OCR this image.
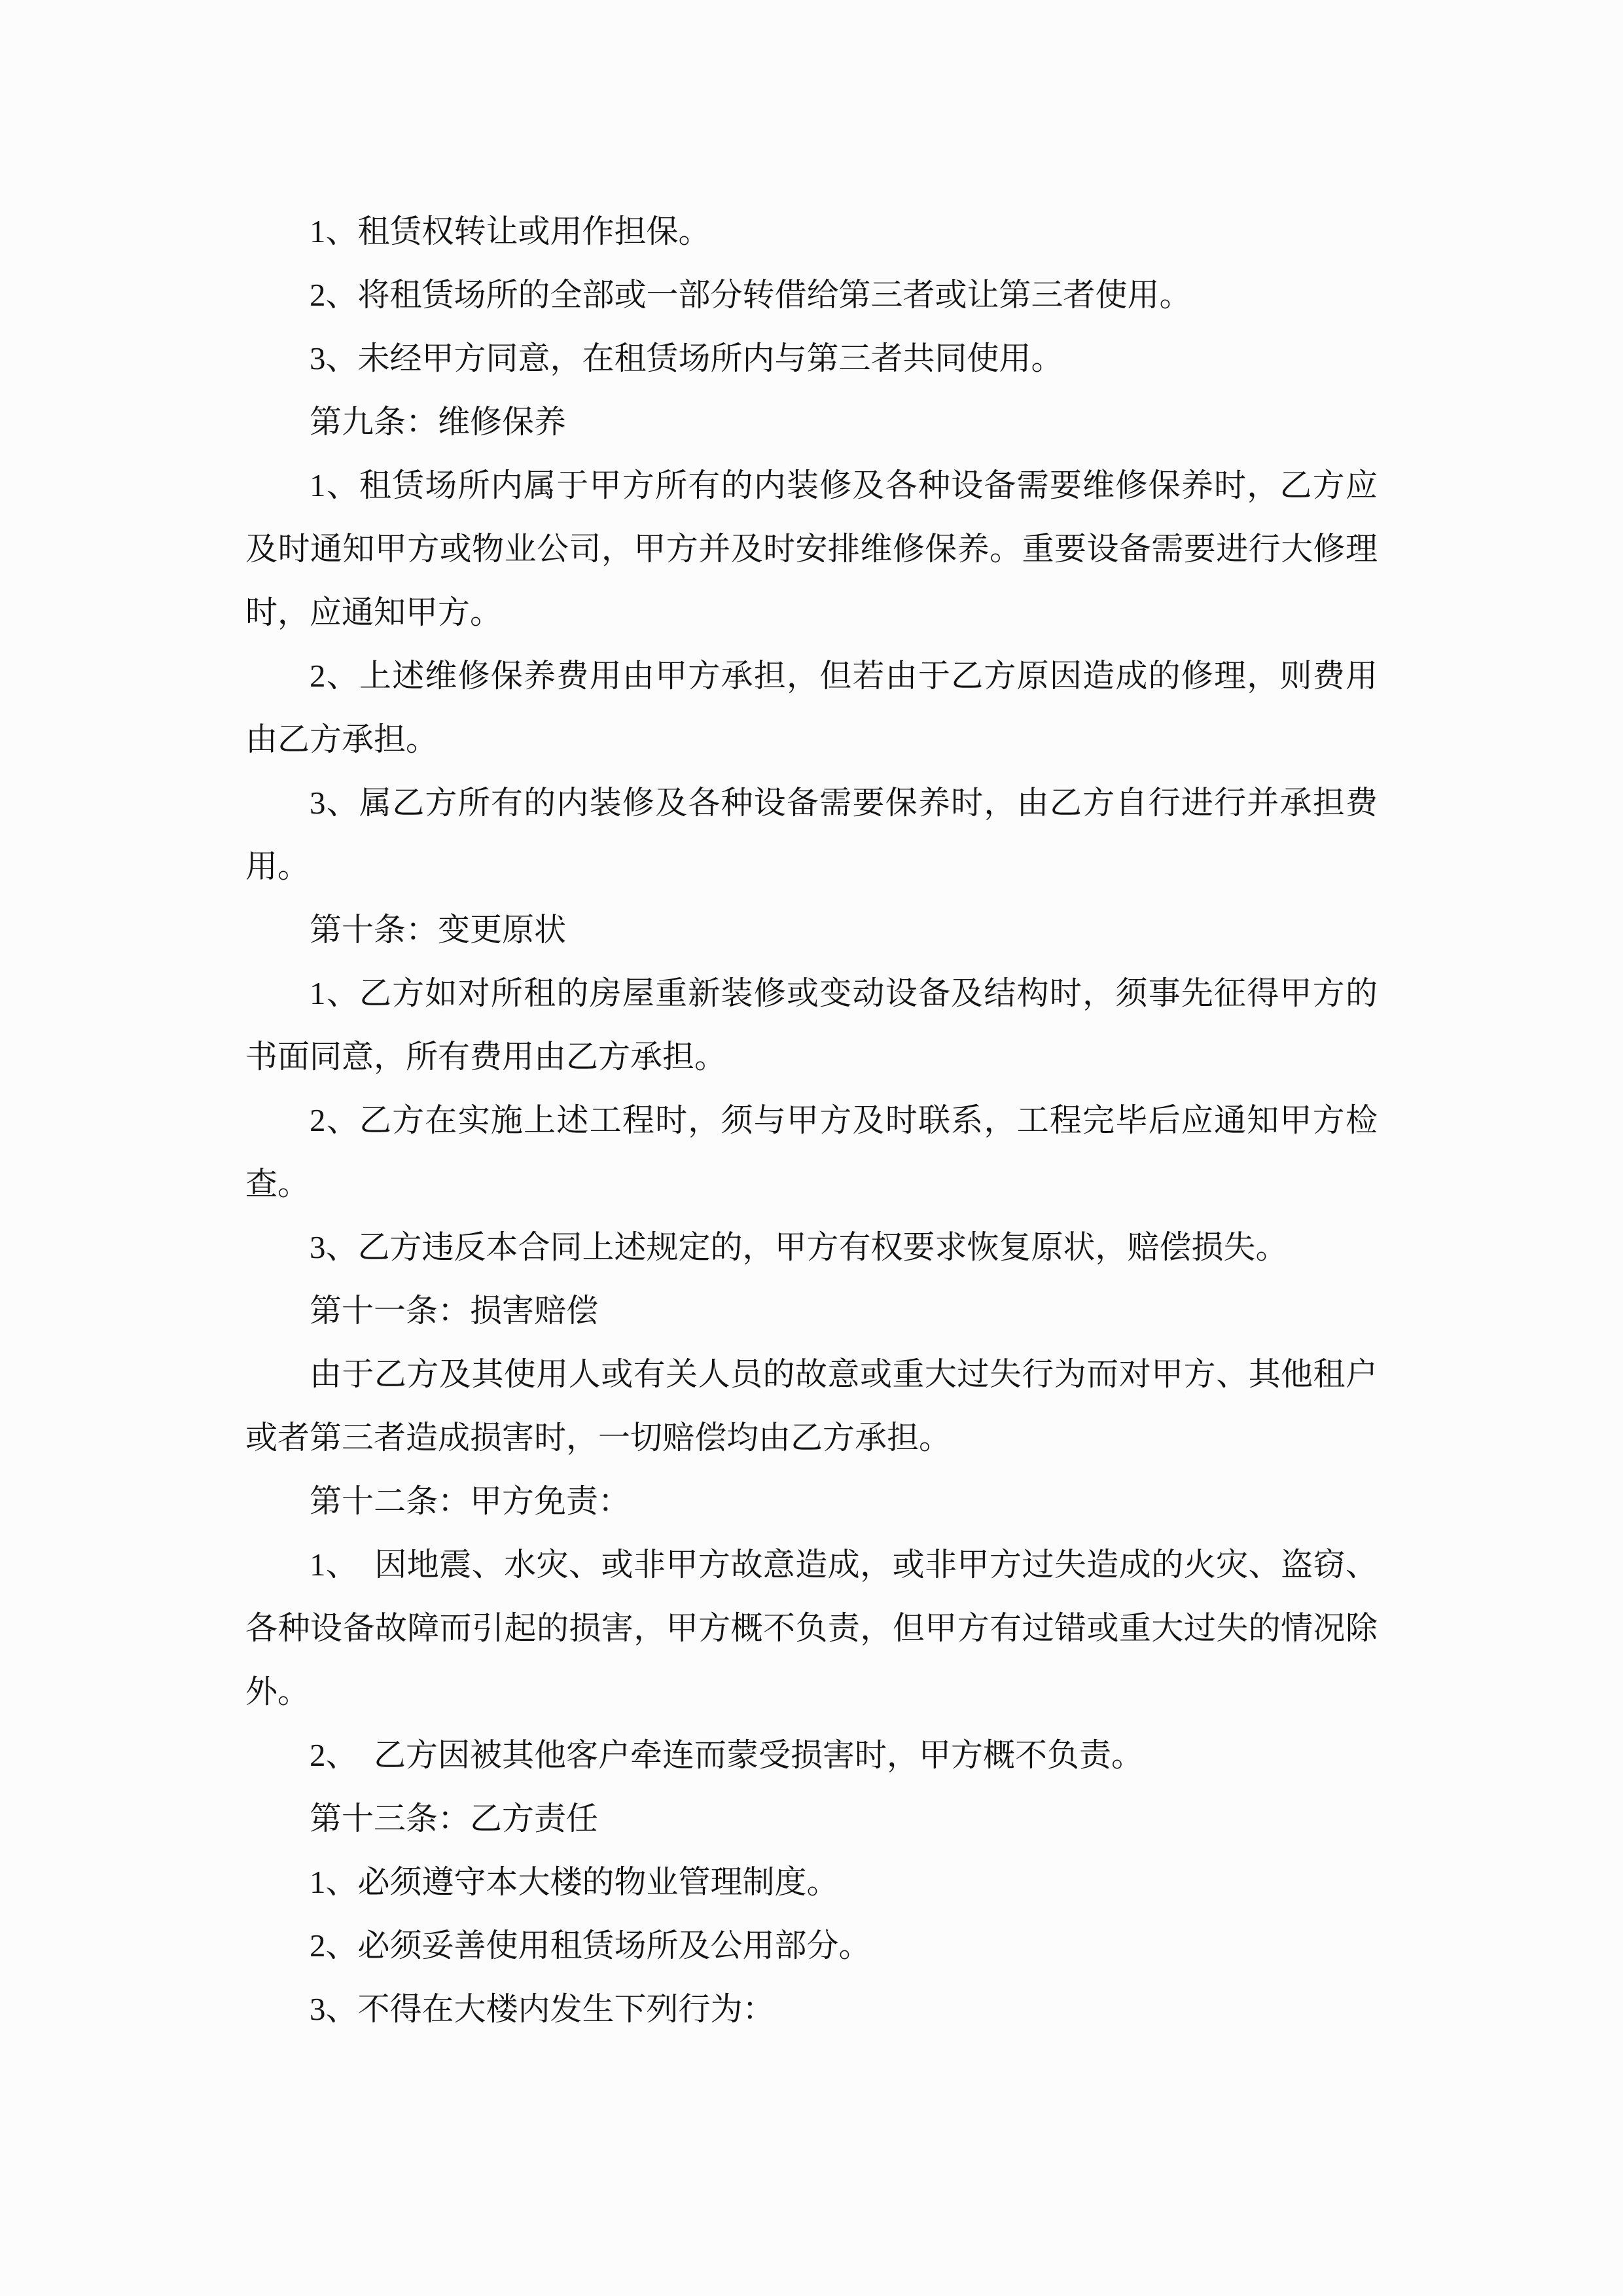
1、租赁权转让或用作担保。
2、将租赁场所的全部或一部分转借给第三者或让第三者使用。
3、未经甲方同意，在租赁场所内与第三者共同使用。
第九条：维修保养
1、租赁场所内属于甲方所有的内装修及各种设备需要维修保养时，乙方应
及时通知甲方或物业公司，甲方并及时安排维修保养。重要设备需要进行大修理
时，应通知甲方。
2、上述维修保养费用由甲方承担，但若由于乙方原因造成的修理，则费用
由乙方承担。
3、属乙方所有的内装修及各种设备需要保养时，由乙方自行进行并承担费
用。
第十条：变更原状
1、乙方如对所租的房屋重新装修或变动设备及结构时，须事先征得甲方的
书面同意，所有费用由乙方承担。
2、乙方在实施上述工程时，须与甲方及时联系，工程完毕后应通知甲方检
查。
3、乙方违反本合同上述规定的，甲方有权要求恢复原状，赔偿损失。
第十一条：损害赔偿
由于乙方及其使用人或有关人员的故意或重大过失行为而对甲方、其他租户
或者第三者造成损害时，一切赔偿均由乙方承担。
第十二条：甲方免责：
1、　因地震、水灾、或非甲方故意造成，或非甲方过失造成的火灾、盗窃、
各种设备故障而引起的损害，甲方概不负责，但甲方有过错或重大过失的情况除
外。
2、　乙方因被其他客户牵连而蒙受损害时，甲方概不负责。
第十三条：乙方责任
1、必须遵守本大楼的物业管理制度。
2、必须妥善使用租赁场所及公用部分。
3、不得在大楼内发生下列行为：
